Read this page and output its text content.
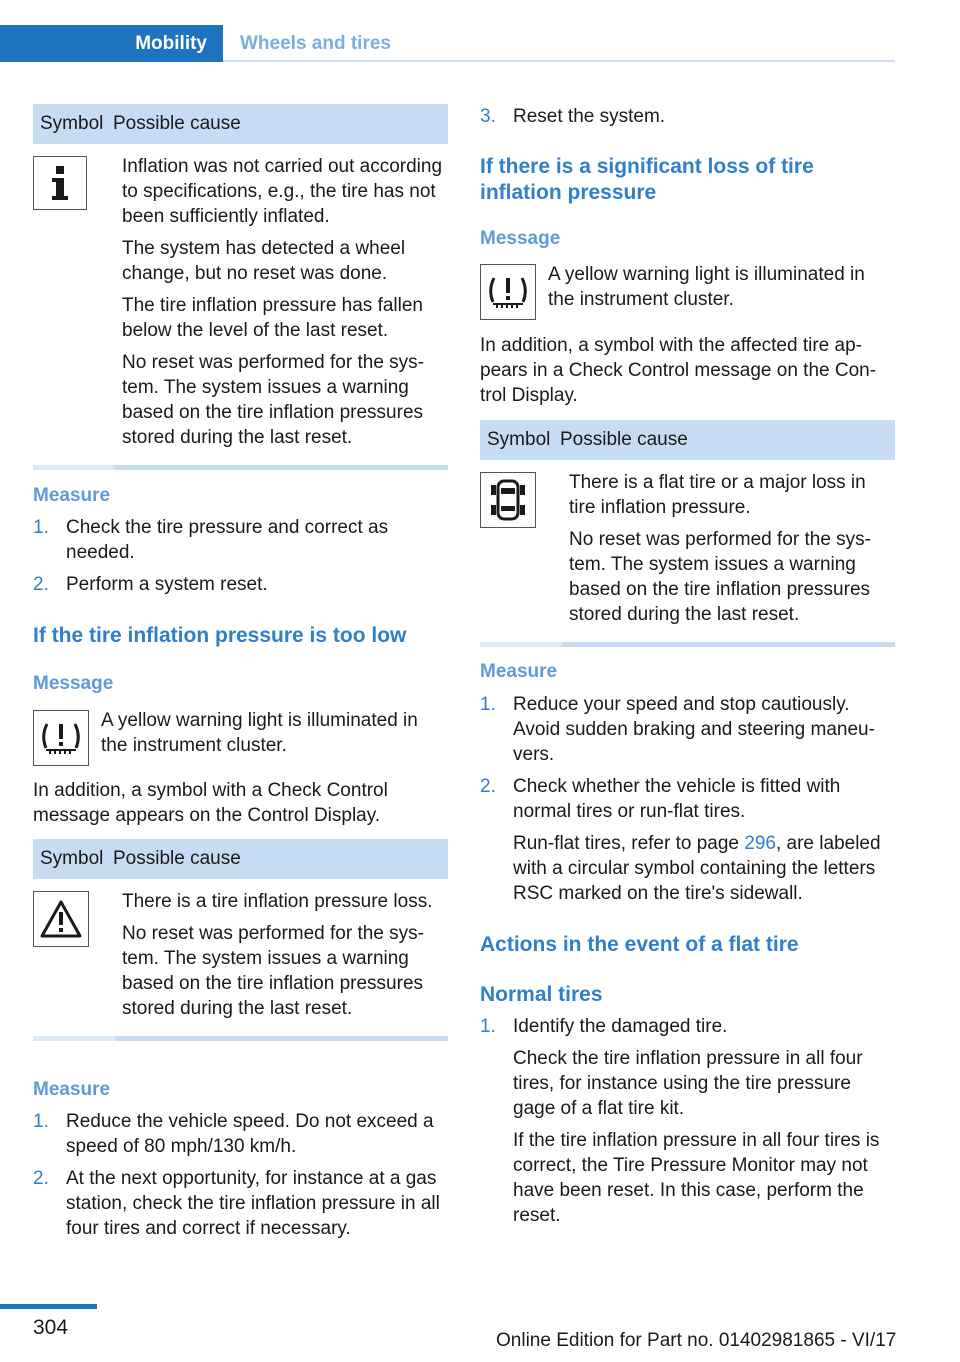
Mobility	Wheels and tires
Symbol Possible cause

Inflation was not carried out according to specifications, e.g., the tire has not been sufficiently inflated.

The system has detected a wheel change, but no reset was done.

The tire inflation pressure has fallen below the level of the last reset.

No reset was performed for the system. The system issues a warning based on the tire inflation pressures stored during the last reset.

Measure

1. Check the tire pressure and correct as needed.

2. Perform a system reset.

If the tire inflation pressure is too low

Message

A yellow warning light is illuminated in the instrument cluster.

In addition, a symbol with a Check Control message appears on the Control Display.

Symbol Possible cause

There is a tire inflation pressure loss.

No reset was performed for the system. The system issues a warning based on the tire inflation pressures stored during the last reset.

Measure

1. Reduce the vehicle speed. Do not exceed a speed of 80 mph/130 km/h.

2. At the next opportunity, for instance at a gas station, check the tire inflation pressure in all four tires and correct if necessary.

3. Reset the system.

If there is a significant loss of tire inflation pressure

Message

A yellow warning light is illuminated in the instrument cluster.

In addition, a symbol with the affected tire appears in a Check Control message on the Control Display.

Symbol Possible cause

There is a flat tire or a major loss in tire inflation pressure.

No reset was performed for the system. The system issues a warning based on the tire inflation pressures stored during the last reset.

Measure

1. Reduce your speed and stop cautiously. Avoid sudden braking and steering maneuvers.

2. Check whether the vehicle is fitted with normal tires or run-flat tires.

Run-flat tires, refer to page 296, are labeled with a circular symbol containing the letters RSC marked on the tire's sidewall.

Actions in the event of a flat tire

Normal tires

1. Identify the damaged tire.

Check the tire inflation pressure in all four tires, for instance using the tire pressure gage of a flat tire kit.

If the tire inflation pressure in all four tires is correct, the Tire Pressure Monitor may not have been reset. In this case, perform the reset.

304
Online Edition for Part no. 01402981865 - VI/17
